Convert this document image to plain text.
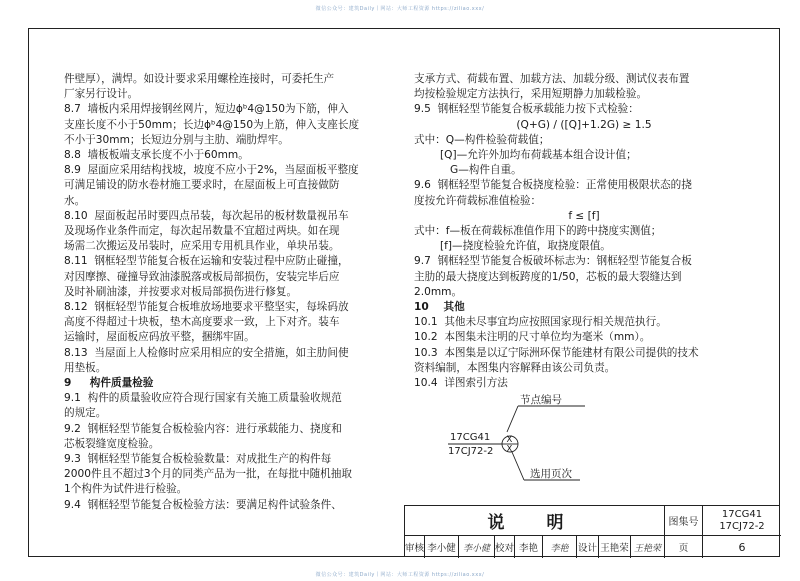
微信公众号：建筑Daily丨网站：大师工程资源 https://ziliao.xxx/

件壁厚），满焊。如设计要求采用螺栓连接时，可委托生产

厂家另行设计。

8.7  墙板内采用焊接钢丝网片，短边ϕᵇ4@150为下筋，伸入

支座长度不小于50mm；长边ϕᵇ4@150为上筋，伸入支座长度

不小于30mm；长短边分别与主肋、端肋焊牢。

8.8  墙板板端支承长度不小于60mm。

8.9  屋面应采用结构找坡，坡度不应小于2%，当屋面板平整度

可满足铺设的防水卷材施工要求时，在屋面板上可直接做防

水。

8.10  屋面板起吊时要四点吊装，每次起吊的板材数量视吊车

及现场作业条件而定，每次起吊数量不宜超过两块。如在现

场需二次搬运及吊装时，应采用专用机具作业，单块吊装。

8.11  钢框轻型节能复合板在运输和安装过程中应防止碰撞，

对因摩擦、碰撞导致油漆脱落或板局部损伤，安装完毕后应

及时补刷油漆，并按要求对板局部损伤进行修复。

8.12  钢框轻型节能复合板堆放场地要求平整坚实，每垛码放

高度不得超过十块板，垫木高度要求一致，上下对齐。装车

运输时，屋面板应码放平整，捆绑牢固。

8.13  当屋面上人检修时应采用相应的安全措施，如主肋间使

用垫板。

9     构件质量检验

9.1  构件的质量验收应符合现行国家有关施工质量验收规范

的规定。

9.2  钢框轻型节能复合板检验内容：进行承载能力、挠度和

芯板裂缝宽度检验。

9.3  钢框轻型节能复合板检验数量：对成批生产的构件每

2000件且不超过3个月的同类产品为一批，在每批中随机抽取

1个构件为试件进行检验。

9.4  钢框轻型节能复合板检验方法：要满足构件试验条件、

支承方式、荷载布置、加载方法、加载分级、测试仪表布置

均按检验规定方法执行，采用短期静力加载检验。

9.5  钢框轻型节能复合板承载能力按下式检验：

(Q+G) / ([Q]+1.2G) ≥ 1.5

式中：Q—构件检验荷载值；

[Q]—允许外加均布荷载基本组合设计值；

G—构件自重。

9.6  钢框轻型节能复合板挠度检验：正常使用极限状态的挠

度按允许荷载标准值检验：

f ≤ [f]

式中：f—板在荷载标准值作用下的跨中挠度实测值；

[f]—挠度检验允许值，取挠度限值。

9.7  钢框轻型节能复合板破坏标志为：钢框轻型节能复合板

主肋的最大挠度达到板跨度的1/50，芯板的最大裂缝达到

2.0mm。

10    其他

10.1  其他未尽事宜均应按照国家现行相关规范执行。

10.2  本图集未注明的尺寸单位均为毫米（mm）。

10.3  本图集是以辽宁际洲环保节能建材有限公司提供的技术

资料编制，本图集内容解释由该公司负责。

10.4  详图索引方法

节点编号
17CG41
17CJ72-2
X
X
选用页次
说 明	图集号
17CG41
17CJ72-2
审核 李小健 李小健 校对 李艳	李艳 设计 王艳荣 王艳荣	页	6
微信公众号：建筑Daily丨网站：大师工程资源 https://ziliao.xxx/
